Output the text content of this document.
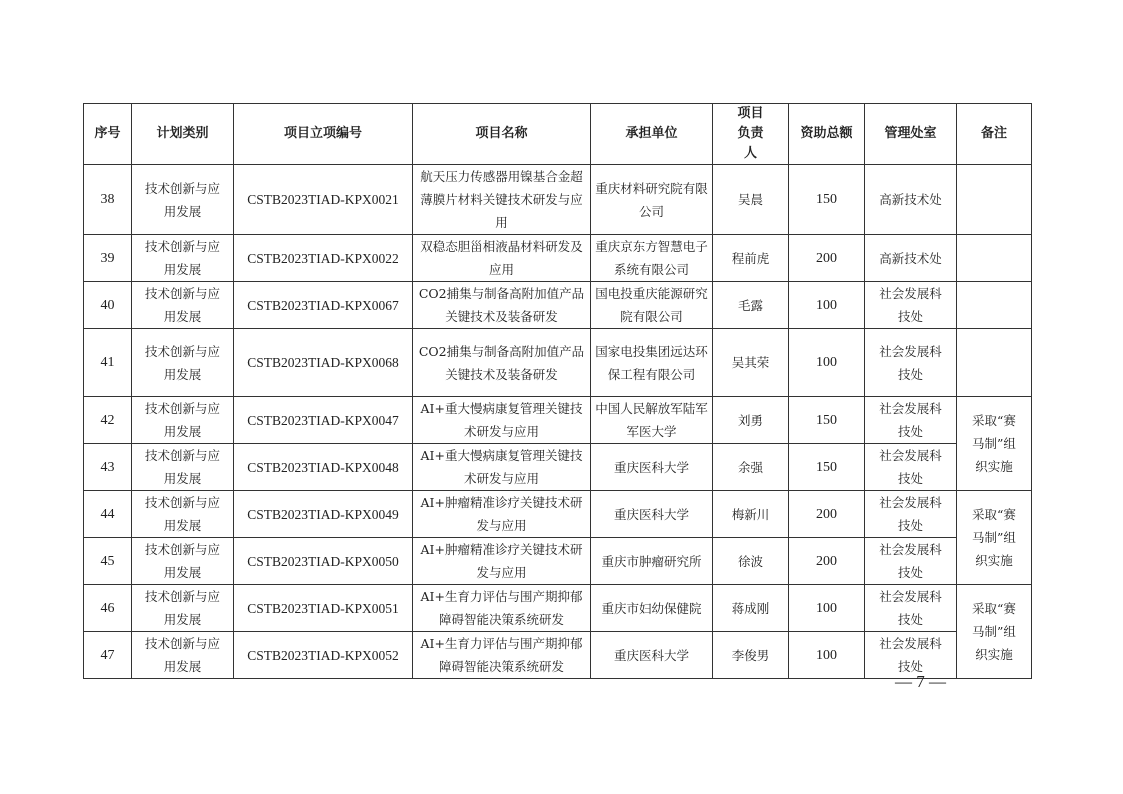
序号	计划类别	项目立项编号	项目名称	承担单位	项目负责人	资助总额	管理处室	备注
38	技术创新与应用发展	CSTB2023TIAD-KPX0021	航天压力传感器用镍基合金超薄膜片材料关键技术研发与应用	重庆材料研究院有限公司	吴晨	150	高新技术处	
39	技术创新与应用发展	CSTB2023TIAD-KPX0022	双稳态胆甾相液晶材料研发及应用	重庆京东方智慧电子系统有限公司	程前虎	200	高新技术处	
40	技术创新与应用发展	CSTB2023TIAD-KPX0067	CO2捕集与制备高附加值产品关键技术及装备研发	国电投重庆能源研究院有限公司	毛露	100	社会发展科技处	
41	技术创新与应用发展	CSTB2023TIAD-KPX0068	CO2捕集与制备高附加值产品关键技术及装备研发	国家电投集团远达环保工程有限公司	吴其荣	100	社会发展科技处	
42	技术创新与应用发展	CSTB2023TIAD-KPX0047	AI+重大慢病康复管理关键技术研发与应用	中国人民解放军陆军军医大学	刘勇	150	社会发展科技处	采取“赛马制”组织实施
43	技术创新与应用发展	CSTB2023TIAD-KPX0048	AI+重大慢病康复管理关键技术研发与应用	重庆医科大学	余强	150	社会发展科技处	
44	技术创新与应用发展	CSTB2023TIAD-KPX0049	AI+肿瘤精准诊疗关键技术研发与应用	重庆医科大学	梅新川	200	社会发展科技处	采取“赛马制”组织实施
45	技术创新与应用发展	CSTB2023TIAD-KPX0050	AI+肿瘤精准诊疗关键技术研发与应用	重庆市肿瘤研究所	徐波	200	社会发展科技处	
46	技术创新与应用发展	CSTB2023TIAD-KPX0051	AI+生育力评估与围产期抑郁障碍智能决策系统研发	重庆市妇幼保健院	蒋成刚	100	社会发展科技处	采取“赛马制”组织实施
47	技术创新与应用发展	CSTB2023TIAD-KPX0052	AI+生育力评估与围产期抑郁障碍智能决策系统研发	重庆医科大学	李俊男	100	社会发展科技处	
— 7 —
